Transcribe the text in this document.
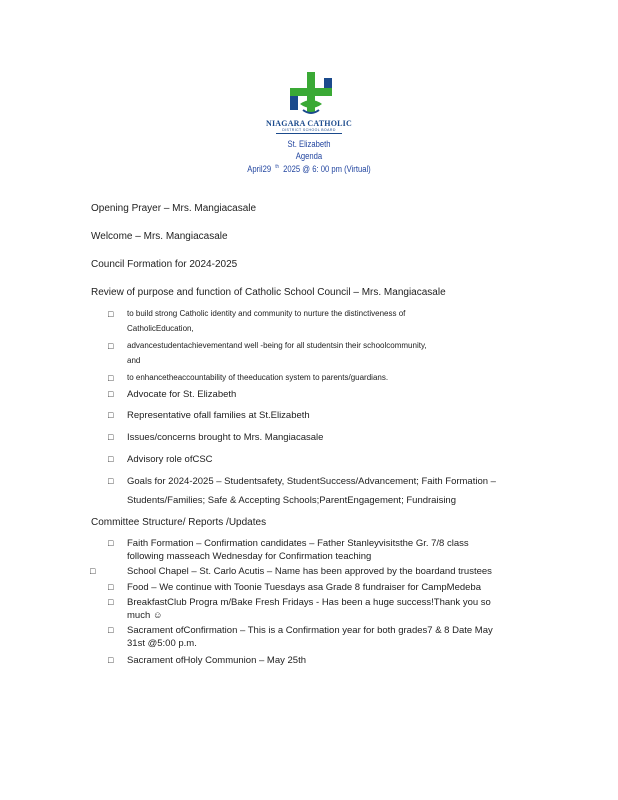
NIAGARA CATHOLIC
DISTRICT SCHOOL BOARD
St. Elizabeth
Agenda
April29 $^{th}$ 2025 @ 6: 00 pm (Virtual)
Opening Prayer – Mrs. Mangiacasale
Welcome – Mrs. Mangiacasale
Council Formation for 2024-2025
Review of purpose and function of Catholic School Council – Mrs. Mangiacasale
□ to build strong Catholic identity and community to nurture the distinctiveness of
CatholicEducation,
□ advancestudentachievementand well -being for all studentsin their schoolcommunity,
and
□ to enhancetheaccountability of theeducation system to parents/guardians.
□ Advocate for St. Elizabeth
□ Representative ofall families at St.Elizabeth
□ Issues/concerns brought to Mrs. Mangiacasale
□ Advisory role ofCSC
□ Goals for 2024-2025 – Studentsafety, StudentSuccess/Advancement; Faith Formation –
Students/Families; Safe & Accepting Schools;ParentEngagement; Fundraising
Committee Structure/ Reports /Updates
□ Faith Formation – Confirmation candidates – Father Stanleyvisitsthe Gr. 7/8 class
following masseach Wednesday for Confirmation teaching
□	School Chapel – St. Carlo Acutis – Name has been approved by the boardand trustees
□ Food – We continue with Toonie Tuesdays asa Grade 8 fundraiser for CampMedeba
□ BreakfastClub Progra m/Bake Fresh Fridays - Has been a huge success!Thank you so
much ☺
□ Sacrament ofConfirmation – This is a Confirmation year for both grades7 & 8 Date May
31st @5:00 p.m.
□ Sacrament ofHoly Communion – May 25th
